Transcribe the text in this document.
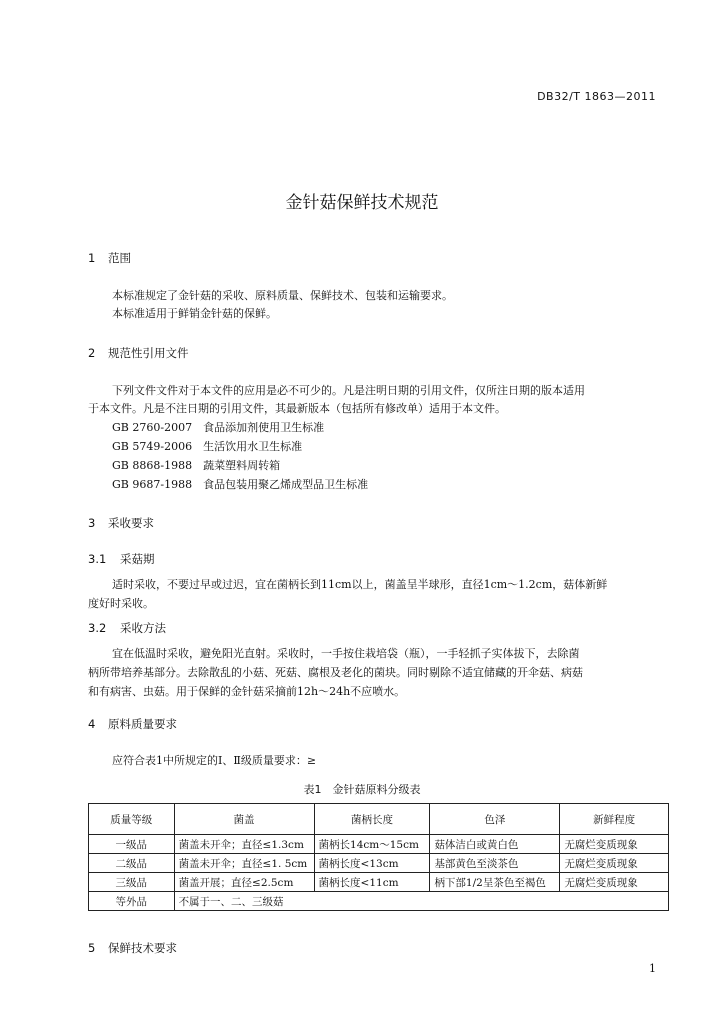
DB32/T 1863—2011
金针菇保鲜技术规范
1 范围
本标准规定了金针菇的采收、原料质量、保鲜技术、包装和运输要求。
本标准适用于鲜销金针菇的保鲜。
2 规范性引用文件
下列文件文件对于本文件的应用是必不可少的。凡是注明日期的引用文件，仅所注日期的版本适用
于本文件。凡是不注日期的引用文件，其最新版本（包括所有修改单）适用于本文件。
GB 2760-2007　食品添加剂使用卫生标准
GB 5749-2006　生活饮用水卫生标准
GB 8868-1988　蔬菜塑料周转箱
GB 9687-1988　食品包装用聚乙烯成型品卫生标准
3 采收要求
3.1 采菇期
适时采收，不要过早或过迟，宜在菌柄长到11cm以上，菌盖呈半球形，直径1cm～1.2cm，菇体新鲜
度好时采收。
3.2 采收方法
宜在低温时采收，避免阳光直射。采收时，一手按住栽培袋（瓶），一手轻抓子实体拔下，去除菌
柄所带培养基部分。去除散乱的小菇、死菇、腐根及老化的菌块。同时剔除不适宜储藏的开伞菇、病菇
和有病害、虫菇。用于保鲜的金针菇采摘前12h～24h不应喷水。
4 原料质量要求
应符合表1中所规定的Ⅰ、Ⅱ级质量要求：≥
表1　金针菇原料分级表
质量等级	菌盖	菌柄长度	色泽	新鲜程度
一级品	菌盖未开伞；直径≤1.3cm	菌柄长14cm～15cm	菇体洁白或黄白色	无腐烂变质现象
二级品	菌盖未开伞；直径≤1. 5cm	菌柄长度<13cm	基部黄色至淡茶色	无腐烂变质现象
三级品	菌盖开展；直径≤2.5cm	菌柄长度<11cm	柄下部1/2呈茶色至褐色	无腐烂变质现象
等外品	不属于一、二、三级菇			
5 保鲜技术要求
1
